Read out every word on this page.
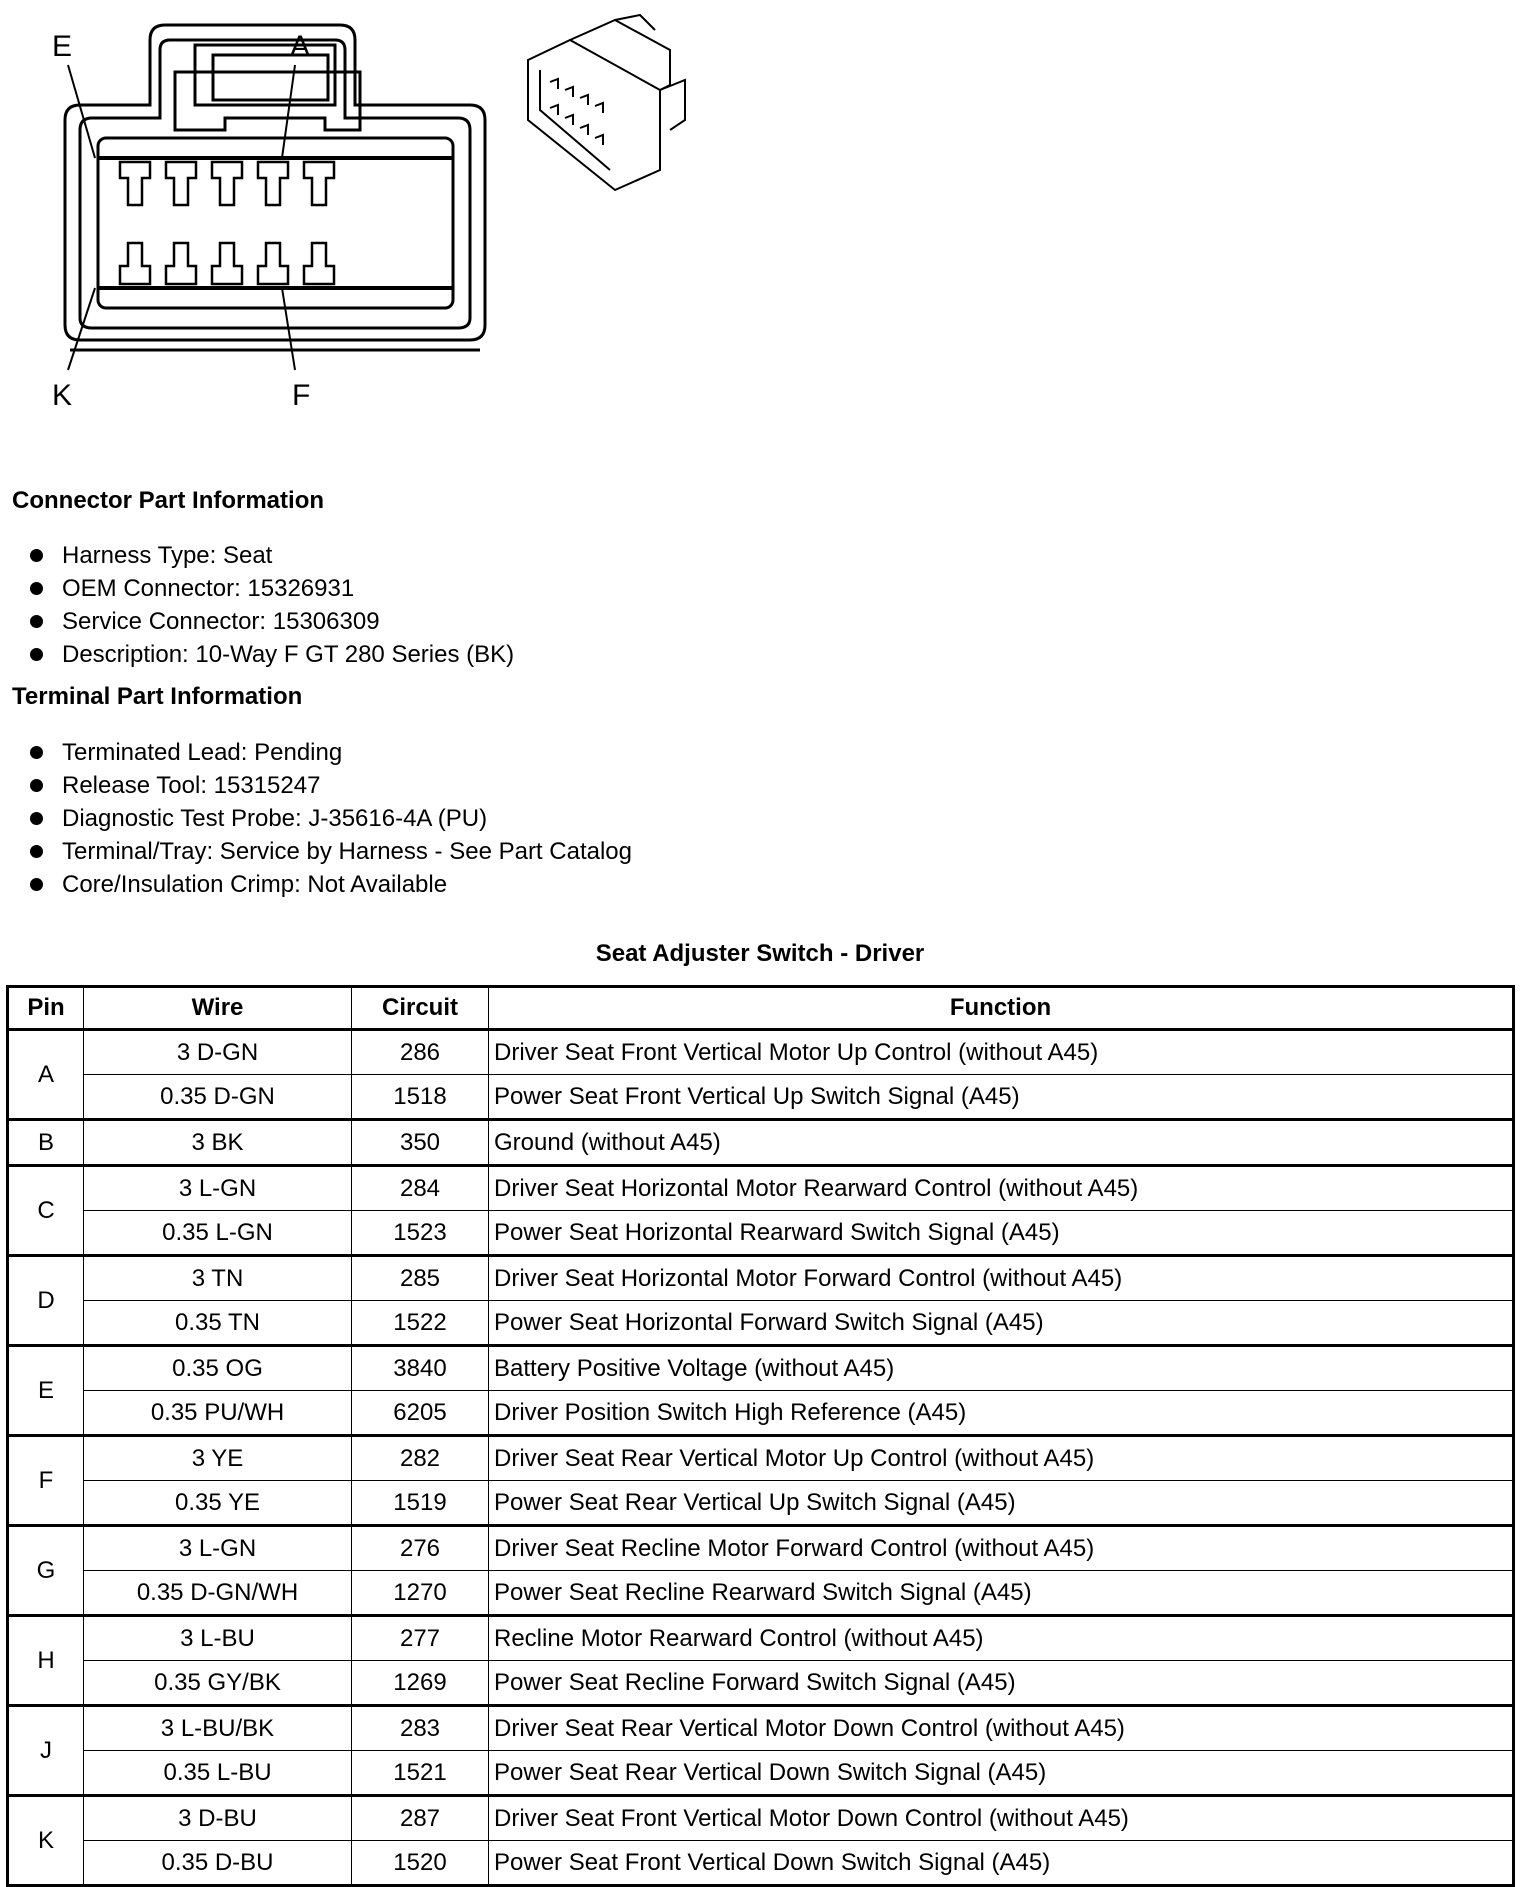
E	A
K	F
Connector Part Information
Harness Type: Seat
OEM Connector: 15326931
Service Connector: 15306309
Description: 10-Way F GT 280 Series (BK)
Terminal Part Information
Terminated Lead: Pending
Release Tool: 15315247
Diagnostic Test Probe: J-35616-4A (PU)
Terminal/Tray: Service by Harness - See Part Catalog
Core/Insulation Crimp: Not Available
Seat Adjuster Switch - Driver
Pin	Wire	Circuit	Function
A	3 D-GN	286	Driver Seat Front Vertical Motor Up Control (without A45)
	0.35 D-GN	1518	Power Seat Front Vertical Up Switch Signal (A45)
B	3 BK	350	Ground (without A45)
C	3 L-GN	284	Driver Seat Horizontal Motor Rearward Control (without A45)
	0.35 L-GN	1523	Power Seat Horizontal Rearward Switch Signal (A45)
D	3 TN	285	Driver Seat Horizontal Motor Forward Control (without A45)
	0.35 TN	1522	Power Seat Horizontal Forward Switch Signal (A45)
E	0.35 OG	3840	Battery Positive Voltage (without A45)
	0.35 PU/WH	6205	Driver Position Switch High Reference (A45)
F	3 YE	282	Driver Seat Rear Vertical Motor Up Control (without A45)
	0.35 YE	1519	Power Seat Rear Vertical Up Switch Signal (A45)
G	3 L-GN	276	Driver Seat Recline Motor Forward Control (without A45)
	0.35 D-GN/WH	1270	Power Seat Recline Rearward Switch Signal (A45)
H	3 L-BU	277	Recline Motor Rearward Control (without A45)
	0.35 GY/BK	1269	Power Seat Recline Forward Switch Signal (A45)
J	3 L-BU/BK	283	Driver Seat Rear Vertical Motor Down Control (without A45)
	0.35 L-BU	1521	Power Seat Rear Vertical Down Switch Signal (A45)
K	3 D-BU	287	Driver Seat Front Vertical Motor Down Control (without A45)
	0.35 D-BU	1520	Power Seat Front Vertical Down Switch Signal (A45)
